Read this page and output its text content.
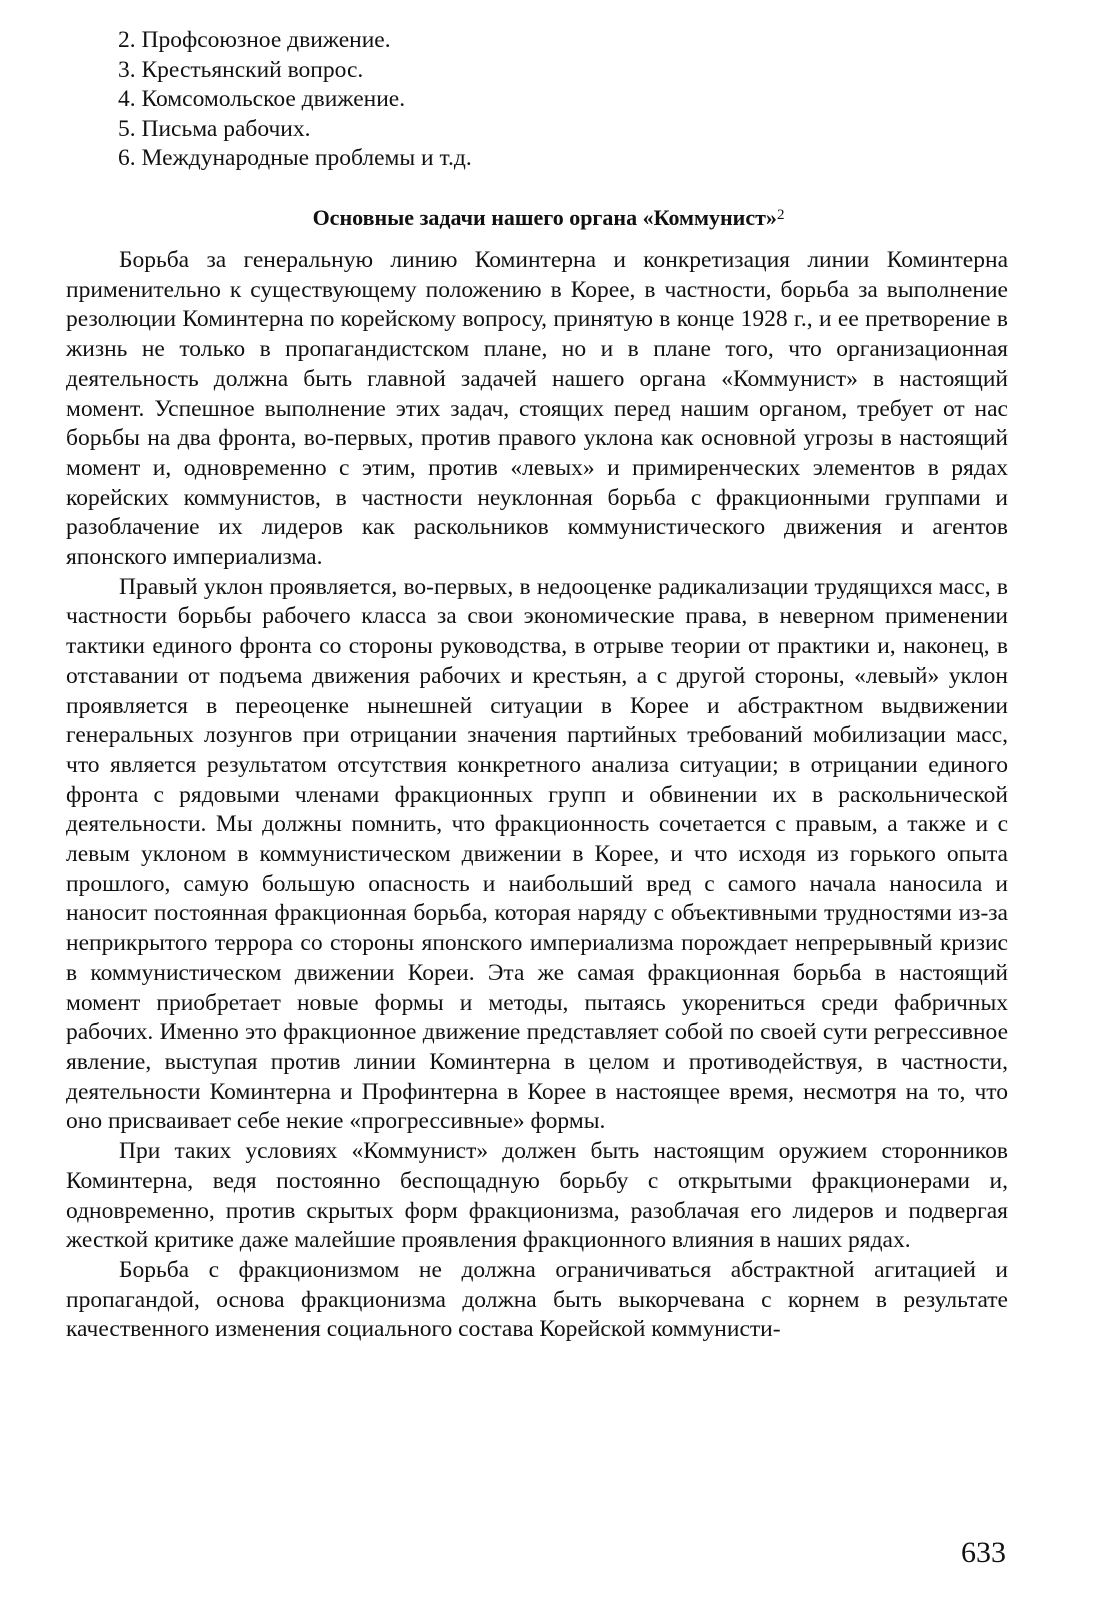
2. Профсоюзное движение.
3. Крестьянский вопрос.
4. Комсомольское движение.
5. Письма рабочих.
6. Международные проблемы и т.д.
Основные задачи нашего органа «Коммунист»$^2$

Борьба за генеральную линию Коминтерна и конкретизация линии Коминтерна применительно к существующему положению в Корее, в частности, борьба за выполнение резолюции Коминтерна по корейскому вопросу, принятую в конце 1928 г., и ее претворение в жизнь не только в пропагандистском плане, но и в плане того, что организационная деятельность должна быть главной задачей нашего органа «Коммунист» в настоящий момент. Успешное выполнение этих задач, стоящих перед нашим органом, требует от нас борьбы на два фронта, во-первых, против правого уклона как основной угрозы в настоящий момент и, одновременно с этим, против «левых» и примиренческих элементов в рядах корейских коммунистов, в частности неуклонная борьба с фракционными группами и разоблачение их лидеров как раскольников коммунистического движения и агентов японского империализма.

Правый уклон проявляется, во-первых, в недооценке радикализации трудящихся масс, в частности борьбы рабочего класса за свои экономические права, в неверном применении тактики единого фронта со стороны руководства, в отрыве теории от практики и, наконец, в отставании от подъема движения рабочих и крестьян, а с другой стороны, «левый» уклон проявляется в переоценке нынешней ситуации в Корее и абстрактном выдвижении генеральных лозунгов при отрицании значения партийных требований мобилизации масс, что является результатом отсутствия конкретного анализа ситуации; в отрицании единого фронта с рядовыми членами фракционных групп и обвинении их в раскольнической деятельности. Мы должны помнить, что фракционность сочетается с правым, а также и с левым уклоном в коммунистическом движении в Корее, и что исходя из горького опыта прошлого, самую большую опасность и наибольший вред с самого начала наносила и наносит постоянная фракционная борьба, которая наряду с объективными трудностями из-за неприкрытого террора со стороны японского империализма порождает непрерывный кризис в коммунистическом движении Кореи. Эта же самая фракционная борьба в настоящий момент приобретает новые формы и методы, пытаясь укорениться среди фабричных рабочих. Именно это фракционное движение представляет собой по своей сути регрессивное явление, выступая против линии Коминтерна в целом и противодействуя, в частности, деятельности Коминтерна и Профинтерна в Корее в настоящее время, несмотря на то, что оно присваивает себе некие «прогрессивные» формы.

При таких условиях «Коммунист» должен быть настоящим оружием сторонников Коминтерна, ведя постоянно беспощадную борьбу с открытыми фракционерами и, одновременно, против скрытых форм фракционизма, разоблачая его лидеров и подвергая жесткой критике даже малейшие проявления фракционного влияния в наших рядах.

Борьба с фракционизмом не должна ограничиваться абстрактной агитацией и пропагандой, основа фракционизма должна быть выкорчевана с корнем в результате качественного изменения социального состава Корейской коммунисти-

633
